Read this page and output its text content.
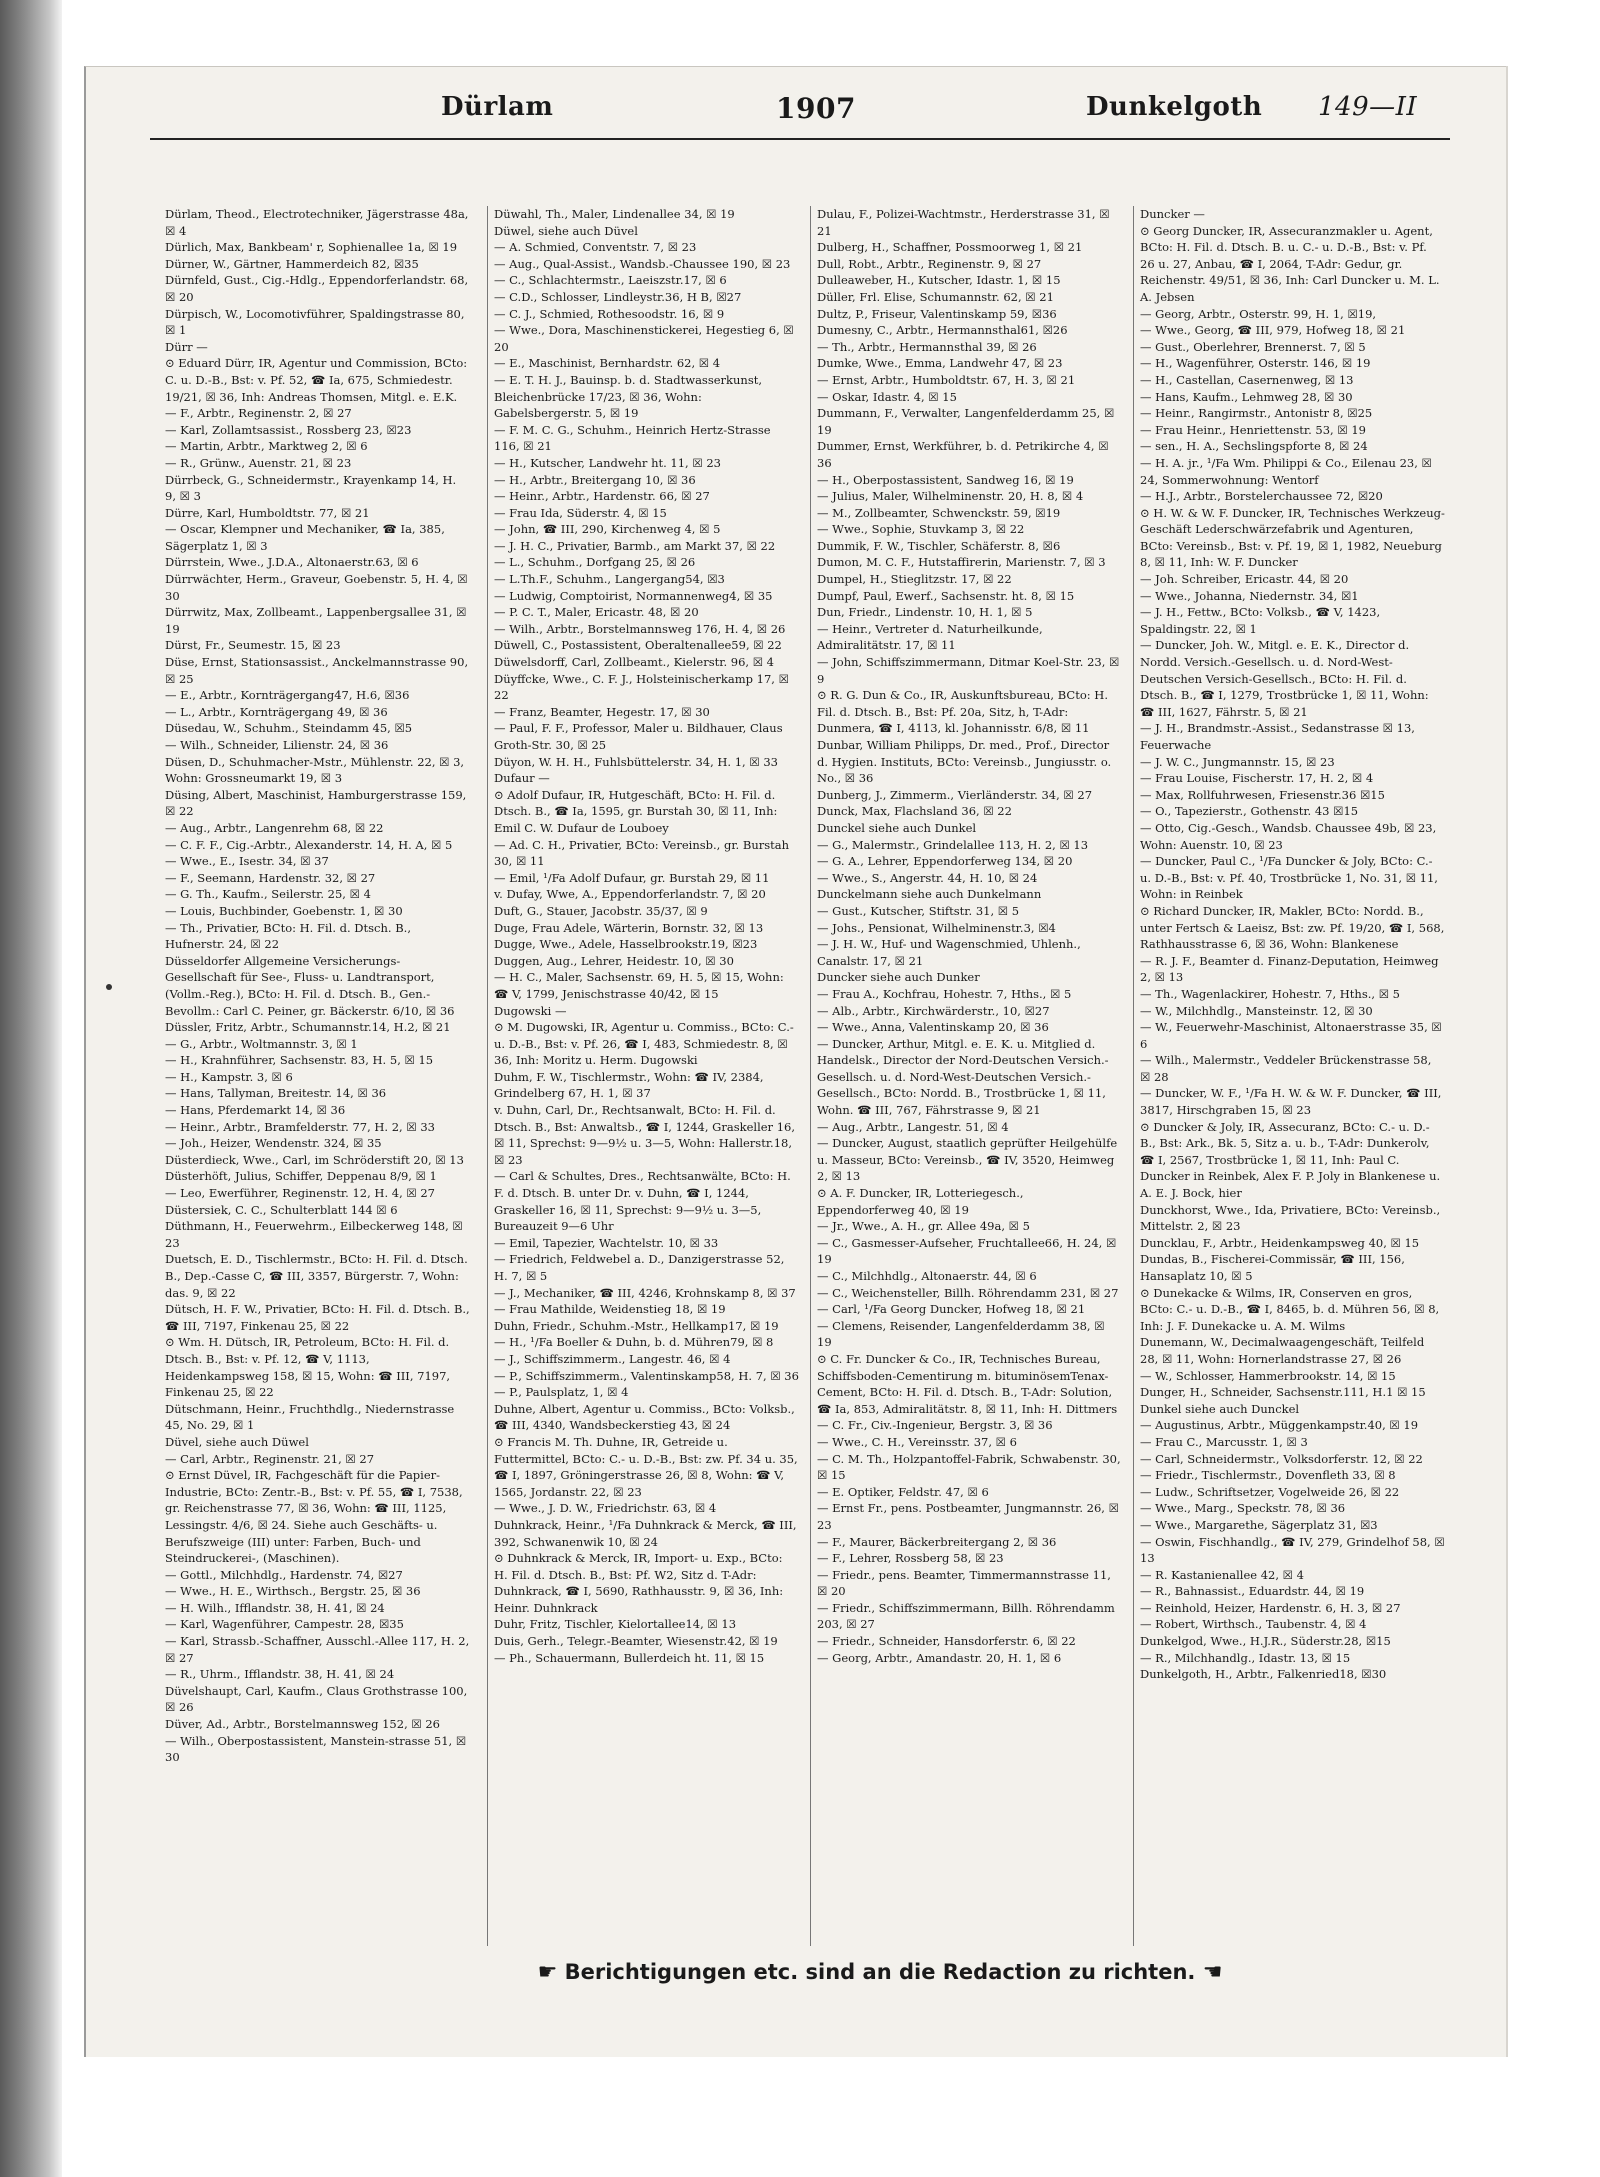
Dürlam	1907	Dunkelgoth 149—II
Dürlam, Theod., Electrotechniker, Jägerstrasse 48a, ☒ 4
Dürlich, Max, Bankbeam' r, Sophienallee 1a, ☒ 19
Dürner, W., Gärtner, Hammerdeich 82, ☒35
Dürnfeld, Gust., Cig.-Hdlg., Eppendorferlandstr. 68, ☒ 20
Dürpisch, W., Locomotivführer, Spaldingstrasse 80, ☒ 1
Dürr —
⊙ Eduard Dürr, IR, Agentur und Commission, BCto: C. u. D.-B., Bst: v. Pf. 52, ☎ Ia, 675, Schmiedestr. 19/21, ☒ 36, Inh: Andreas Thomsen, Mitgl. e. E.K.
— F., Arbtr., Reginenstr. 2, ☒ 27
— Karl, Zollamtsassist., Rossberg 23, ☒23
— Martin, Arbtr., Marktweg 2, ☒ 6
— R., Grünw., Auenstr. 21, ☒ 23
Dürrbeck, G., Schneidermstr., Krayenkamp 14, H. 9, ☒ 3
Dürre, Karl, Humboldtstr. 77, ☒ 21
— Oscar, Klempner und Mechaniker, ☎ Ia, 385, Sägerplatz 1, ☒ 3
Dürrstein, Wwe., J.D.A., Altonaerstr.63, ☒ 6
Dürrwächter, Herm., Graveur, Goebenstr. 5, H. 4, ☒ 30
Dürrwitz, Max, Zollbeamt., Lappenbergsallee 31, ☒ 19
Dürst, Fr., Seumestr. 15, ☒ 23
Düse, Ernst, Stationsassist., Anckelmannstrasse 90, ☒ 25
— E., Arbtr., Kornträgergang47, H.6, ☒36
— L., Arbtr., Kornträgergang 49, ☒ 36
Düsedau, W., Schuhm., Steindamm 45, ☒5
— Wilh., Schneider, Lilienstr. 24, ☒ 36
Düsen, D., Schuhmacher-Mstr., Mühlenstr. 22, ☒ 3, Wohn: Grossneumarkt 19, ☒ 3
Düsing, Albert, Maschinist, Hamburgerstrasse 159, ☒ 22
— Aug., Arbtr., Langenrehm 68, ☒ 22
— C. F. F., Cig.-Arbtr., Alexanderstr. 14, H. A, ☒ 5
— Wwe., E., Isestr. 34, ☒ 37
— F., Seemann, Hardenstr. 32, ☒ 27
— G. Th., Kaufm., Seilerstr. 25, ☒ 4
— Louis, Buchbinder, Goebenstr. 1, ☒ 30
— Th., Privatier, BCto: H. Fil. d. Dtsch. B., Hufnerstr. 24, ☒ 22
Düsseldorfer Allgemeine Versicherungs-Gesellschaft für See-, Fluss- u. Landtransport, (Vollm.-Reg.), BCto: H. Fil. d. Dtsch. B., Gen.-Bevollm.: Carl C. Peiner, gr. Bäckerstr. 6/10, ☒ 36
Düssler, Fritz, Arbtr., Schumannstr.14, H.2, ☒ 21
— G., Arbtr., Woltmannstr. 3, ☒ 1
— H., Krahnführer, Sachsenstr. 83, H. 5, ☒ 15
— H., Kampstr. 3, ☒ 6
— Hans, Tallyman, Breitestr. 14, ☒ 36
— Hans, Pferdemarkt 14, ☒ 36
— Heinr., Arbtr., Bramfelderstr. 77, H. 2, ☒ 33
— Joh., Heizer, Wendenstr. 324, ☒ 35
Düsterdieck, Wwe., Carl, im Schröderstift 20, ☒ 13
Düsterhöft, Julius, Schiffer, Deppenau 8/9, ☒ 1
— Leo, Ewerführer, Reginenstr. 12, H. 4, ☒ 27
Düstersiek, C. C., Schulterblatt 144 ☒ 6
Düthmann, H., Feuerwehrm., Eilbeckerweg 148, ☒ 23
Duetsch, E. D., Tischlermstr., BCto: H. Fil. d. Dtsch. B., Dep.-Casse C, ☎ III, 3357, Bürgerstr. 7, Wohn: das. 9, ☒ 22
Dütsch, H. F. W., Privatier, BCto: H. Fil. d. Dtsch. B., ☎ III, 7197, Finkenau 25, ☒ 22
⊙ Wm. H. Dütsch, IR, Petroleum, BCto: H. Fil. d. Dtsch. B., Bst: v. Pf. 12, ☎ V, 1113, Heidenkampsweg 158, ☒ 15, Wohn: ☎ III, 7197, Finkenau 25, ☒ 22
Dütschmann, Heinr., Fruchthdlg., Niedernstrasse 45, No. 29, ☒ 1
Düvel, siehe auch Düwel
— Carl, Arbtr., Reginenstr. 21, ☒ 27
⊙ Ernst Düvel, IR, Fachgeschäft für die Papier-Industrie, BCto: Zentr.-B., Bst: v. Pf. 55, ☎ I, 7538, gr. Reichenstrasse 77, ☒ 36, Wohn: ☎ III, 1125, Lessingstr. 4/6, ☒ 24. Siehe auch Geschäfts- u. Berufszweige (III) unter: Farben, Buch- und Steindruckerei-, (Maschinen).
— Gottl., Milchhdlg., Hardenstr. 74, ☒27
— Wwe., H. E., Wirthsch., Bergstr. 25, ☒ 36
— H. Wilh., Ifflandstr. 38, H. 41, ☒ 24
— Karl, Wagenführer, Campestr. 28, ☒35
— Karl, Strassb.-Schaffner, Ausschl.-Allee 117, H. 2, ☒ 27
— R., Uhrm., Ifflandstr. 38, H. 41, ☒ 24
Düvelshaupt, Carl, Kaufm., Claus Grothstrasse 100, ☒ 26
Düver, Ad., Arbtr., Borstelmannsweg 152, ☒ 26
— Wilh., Oberpostassistent, Manstein-strasse 51, ☒ 30
Düwahl, Th., Maler, Lindenallee 34, ☒ 19
Düwel, siehe auch Düvel
— A. Schmied, Conventstr. 7, ☒ 23
— Aug., Qual-Assist., Wandsb.-Chaussee 190, ☒ 23
— C., Schlachtermstr., Laeiszstr.17, ☒ 6
— C.D., Schlosser, Lindleystr.36, H B, ☒27
— C. J., Schmied, Rothesoodstr. 16, ☒ 9
— Wwe., Dora, Maschinenstickerei, Hegestieg 6, ☒ 20
— E., Maschinist, Bernhardstr. 62, ☒ 4
— E. T. H. J., Bauinsp. b. d. Stadtwasserkunst, Bleichenbrücke 17/23, ☒ 36, Wohn: Gabelsbergerstr. 5, ☒ 19
— F. M. C. G., Schuhm., Heinrich Hertz-Strasse 116, ☒ 21
— H., Kutscher, Landwehr ht. 11, ☒ 23
— H., Arbtr., Breitergang 10, ☒ 36
— Heinr., Arbtr., Hardenstr. 66, ☒ 27
— Frau Ida, Süderstr. 4, ☒ 15
— John, ☎ III, 290, Kirchenweg 4, ☒ 5
— J. H. C., Privatier, Barmb., am Markt 37, ☒ 22
— L., Schuhm., Dorfgang 25, ☒ 26
— L.Th.F., Schuhm., Langergang54, ☒3
— Ludwig, Comptoirist, Normannenweg4, ☒ 35
— P. C. T., Maler, Ericastr. 48, ☒ 20
— Wilh., Arbtr., Borstelmannsweg 176, H. 4, ☒ 26
Düwell, C., Postassistent, Oberaltenallee59, ☒ 22
Düwelsdorff, Carl, Zollbeamt., Kielerstr. 96, ☒ 4
Düyffcke, Wwe., C. F. J., Holsteinischerkamp 17, ☒ 22
— Franz, Beamter, Hegestr. 17, ☒ 30
— Paul, F. F., Professor, Maler u. Bildhauer, Claus Groth-Str. 30, ☒ 25
Düyon, W. H. H., Fuhlsbüttelerstr. 34, H. 1, ☒ 33
Dufaur —
⊙ Adolf Dufaur, IR, Hutgeschäft, BCto: H. Fil. d. Dtsch. B., ☎ Ia, 1595, gr. Burstah 30, ☒ 11, Inh: Emil C. W. Dufaur de Louboey
— Ad. C. H., Privatier, BCto: Vereinsb., gr. Burstah 30, ☒ 11
— Emil, ¹/Fa Adolf Dufaur, gr. Burstah 29, ☒ 11
v. Dufay, Wwe, A., Eppendorferlandstr. 7, ☒ 20
Duft, G., Stauer, Jacobstr. 35/37, ☒ 9
Duge, Frau Adele, Wärterin, Bornstr. 32, ☒ 13
Dugge, Wwe., Adele, Hasselbrookstr.19, ☒23
Duggen, Aug., Lehrer, Heidestr. 10, ☒ 30
— H. C., Maler, Sachsenstr. 69, H. 5, ☒ 15, Wohn: ☎ V, 1799, Jenischstrasse 40/42, ☒ 15
Dugowski —
⊙ M. Dugowski, IR, Agentur u. Commiss., BCto: C.-u. D.-B., Bst: v. Pf. 26, ☎ I, 483, Schmiedestr. 8, ☒ 36, Inh: Moritz u. Herm. Dugowski
Duhm, F. W., Tischlermstr., Wohn: ☎ IV, 2384, Grindelberg 67, H. 1, ☒ 37
v. Duhn, Carl, Dr., Rechtsanwalt, BCto: H. Fil. d. Dtsch. B., Bst: Anwaltsb., ☎ I, 1244, Graskeller 16, ☒ 11, Sprechst: 9—9½ u. 3—5, Wohn: Hallerstr.18, ☒ 23
— Carl & Schultes, Dres., Rechtsanwälte, BCto: H. F. d. Dtsch. B. unter Dr. v. Duhn, ☎ I, 1244, Graskeller 16, ☒ 11, Sprechst: 9—9½ u. 3—5, Bureauzeit 9—6 Uhr
— Emil, Tapezier, Wachtelstr. 10, ☒ 33
— Friedrich, Feldwebel a. D., Danzigerstrasse 52, H. 7, ☒ 5
— J., Mechaniker, ☎ III, 4246, Krohnskamp 8, ☒ 37
— Frau Mathilde, Weidenstieg 18, ☒ 19
Duhn, Friedr., Schuhm.-Mstr., Hellkamp17, ☒ 19
— H., ¹/Fa Boeller & Duhn, b. d. Mühren79, ☒ 8
— J., Schiffszimmerm., Langestr. 46, ☒ 4
— P., Schiffszimmerm., Valentinskamp58, H. 7, ☒ 36
— P., Paulsplatz, 1, ☒ 4
Duhne, Albert, Agentur u. Commiss., BCto: Volksb., ☎ III, 4340, Wandsbeckerstieg 43, ☒ 24
⊙ Francis M. Th. Duhne, IR, Getreide u. Futtermittel, BCto: C.- u. D.-B., Bst: zw. Pf. 34 u. 35, ☎ I, 1897, Gröningerstrasse 26, ☒ 8, Wohn: ☎ V, 1565, Jordanstr. 22, ☒ 23
— Wwe., J. D. W., Friedrichstr. 63, ☒ 4
Duhnkrack, Heinr., ¹/Fa Duhnkrack & Merck, ☎ III, 392, Schwanenwik 10, ☒ 24
⊙ Duhnkrack & Merck, IR, Import- u. Exp., BCto: H. Fil. d. Dtsch. B., Bst: Pf. W2, Sitz d. T-Adr: Duhnkrack, ☎ I, 5690, Rathhausstr. 9, ☒ 36, Inh: Heinr. Duhnkrack
Duhr, Fritz, Tischler, Kielortallee14, ☒ 13
Duis, Gerh., Telegr.-Beamter, Wiesenstr.42, ☒ 19
— Ph., Schauermann, Bullerdeich ht. 11, ☒ 15
Dulau, F., Polizei-Wachtmstr., Herderstrasse 31, ☒ 21
Dulberg, H., Schaffner, Possmoorweg 1, ☒ 21
Dull, Robt., Arbtr., Reginenstr. 9, ☒ 27
Dulleaweber, H., Kutscher, Idastr. 1, ☒ 15
Düller, Frl. Elise, Schumannstr. 62, ☒ 21
Dultz, P., Friseur, Valentinskamp 59, ☒36
Dumesny, C., Arbtr., Hermannsthal61, ☒26
— Th., Arbtr., Hermannsthal 39, ☒ 26
Dumke, Wwe., Emma, Landwehr 47, ☒ 23
— Ernst, Arbtr., Humboldtstr. 67, H. 3, ☒ 21
— Oskar, Idastr. 4, ☒ 15
Dummann, F., Verwalter, Langenfelderdamm 25, ☒ 19
Dummer, Ernst, Werkführer, b. d. Petrikirche 4, ☒ 36
— H., Oberpostassistent, Sandweg 16, ☒ 19
— Julius, Maler, Wilhelminenstr. 20, H. 8, ☒ 4
— M., Zollbeamter, Schwenckstr. 59, ☒19
— Wwe., Sophie, Stuvkamp 3, ☒ 22
Dummik, F. W., Tischler, Schäferstr. 8, ☒6
Dumon, M. C. F., Hutstaffirerin, Marienstr. 7, ☒ 3
Dumpel, H., Stieglitzstr. 17, ☒ 22
Dumpf, Paul, Ewerf., Sachsenstr. ht. 8, ☒ 15
Dun, Friedr., Lindenstr. 10, H. 1, ☒ 5
— Heinr., Vertreter d. Naturheilkunde, Admiralitätstr. 17, ☒ 11
— John, Schiffszimmermann, Ditmar Koel-Str. 23, ☒ 9
⊙ R. G. Dun & Co., IR, Auskunftsbureau, BCto: H. Fil. d. Dtsch. B., Bst: Pf. 20a, Sitz, h, T-Adr: Dunmera, ☎ I, 4113, kl. Johannisstr. 6/8, ☒ 11
Dunbar, William Philipps, Dr. med., Prof., Director d. Hygien. Instituts, BCto: Vereinsb., Jungiusstr. o. No., ☒ 36
Dunberg, J., Zimmerm., Vierländerstr. 34, ☒ 27
Dunck, Max, Flachsland 36, ☒ 22
Dunckel siehe auch Dunkel
— G., Malermstr., Grindelallee 113, H. 2, ☒ 13
— G. A., Lehrer, Eppendorferweg 134, ☒ 20
— Wwe., S., Angerstr. 44, H. 10, ☒ 24
Dunckelmann siehe auch Dunkelmann
— Gust., Kutscher, Stiftstr. 31, ☒ 5
— Johs., Pensionat, Wilhelminenstr.3, ☒4
— J. H. W., Huf- und Wagenschmied, Uhlenh., Canalstr. 17, ☒ 21
Duncker siehe auch Dunker
— Frau A., Kochfrau, Hohestr. 7, Hths., ☒ 5
— Alb., Arbtr., Kirchwärderstr., 10, ☒27
— Wwe., Anna, Valentinskamp 20, ☒ 36
— Duncker, Arthur, Mitgl. e. E. K. u. Mitglied d. Handelsk., Director der Nord-Deutschen Versich.-Gesellsch. u. d. Nord-West-Deutschen Versich.-Gesellsch., BCto: Nordd. B., Trostbrücke 1, ☒ 11, Wohn. ☎ III, 767, Fährstrasse 9, ☒ 21
— Aug., Arbtr., Langestr. 51, ☒ 4
— Duncker, August, staatlich geprüfter Heilgehülfe u. Masseur, BCto: Vereinsb., ☎ IV, 3520, Heimweg 2, ☒ 13
⊙ A. F. Duncker, IR, Lotteriegesch., Eppendorferweg 40, ☒ 19
— Jr., Wwe., A. H., gr. Allee 49a, ☒ 5
— C., Gasmesser-Aufseher, Fruchtallee66, H. 24, ☒ 19
— C., Milchhdlg., Altonaerstr. 44, ☒ 6
— C., Weichensteller, Billh. Röhrendamm 231, ☒ 27
— Carl, ¹/Fa Georg Duncker, Hofweg 18, ☒ 21
— Clemens, Reisender, Langenfelderdamm 38, ☒ 19
⊙ C. Fr. Duncker & Co., IR, Technisches Bureau, Schiffsboden-Cementirung m. bituminösemTenax-Cement, BCto: H. Fil. d. Dtsch. B., T-Adr: Solution, ☎ Ia, 853, Admiralitätstr. 8, ☒ 11, Inh: H. Dittmers
— C. Fr., Civ.-Ingenieur, Bergstr. 3, ☒ 36
— Wwe., C. H., Vereinsstr. 37, ☒ 6
— C. M. Th., Holzpantoffel-Fabrik, Schwabenstr. 30, ☒ 15
— E. Optiker, Feldstr. 47, ☒ 6
— Ernst Fr., pens. Postbeamter, Jungmannstr. 26, ☒ 23
— F., Maurer, Bäckerbreitergang 2, ☒ 36
— F., Lehrer, Rossberg 58, ☒ 23
— Friedr., pens. Beamter, Timmermannstrasse 11, ☒ 20
— Friedr., Schiffszimmermann, Billh. Röhrendamm 203, ☒ 27
— Friedr., Schneider, Hansdorferstr. 6, ☒ 22
— Georg, Arbtr., Amandastr. 20, H. 1, ☒ 6
Duncker —
⊙ Georg Duncker, IR, Assecuranzmakler u. Agent, BCto: H. Fil. d. Dtsch. B. u. C.- u. D.-B., Bst: v. Pf. 26 u. 27, Anbau, ☎ I, 2064, T-Adr: Gedur, gr. Reichenstr. 49/51, ☒ 36, Inh: Carl Duncker u. M. L. A. Jebsen
— Georg, Arbtr., Osterstr. 99, H. 1, ☒19,
— Wwe., Georg, ☎ III, 979, Hofweg 18, ☒ 21
— Gust., Oberlehrer, Brennerst. 7, ☒ 5
— H., Wagenführer, Osterstr. 146, ☒ 19
— H., Castellan, Casernenweg, ☒ 13
— Hans, Kaufm., Lehmweg 28, ☒ 30
— Heinr., Rangirmstr., Antonistr 8, ☒25
— Frau Heinr., Henriettenstr. 53, ☒ 19
— sen., H. A., Sechslingspforte 8, ☒ 24
— H. A. jr., ¹/Fa Wm. Philippi & Co., Eilenau 23, ☒ 24, Sommerwohnung: Wentorf
— H.J., Arbtr., Borstelerchaussee 72, ☒20
⊙ H. W. & W. F. Duncker, IR, Technisches Werkzeug-Geschäft Lederschwärzefabrik und Agenturen, BCto: Vereinsb., Bst: v. Pf. 19, ☒ 1, 1982, Neueburg 8, ☒ 11, Inh: W. F. Duncker
— Joh. Schreiber, Ericastr. 44, ☒ 20
— Wwe., Johanna, Niedernstr. 34, ☒1
— J. H., Fettw., BCto: Volksb., ☎ V, 1423, Spaldingstr. 22, ☒ 1
— Duncker, Joh. W., Mitgl. e. E. K., Director d. Nordd. Versich.-Gesellsch. u. d. Nord-West-Deutschen Versich-Gesellsch., BCto: H. Fil. d. Dtsch. B., ☎ I, 1279, Trostbrücke 1, ☒ 11, Wohn: ☎ III, 1627, Fährstr. 5, ☒ 21
— J. H., Brandmstr.-Assist., Sedanstrasse ☒ 13, Feuerwache
— J. W. C., Jungmannstr. 15, ☒ 23
— Frau Louise, Fischerstr. 17, H. 2, ☒ 4
— Max, Rollfuhrwesen, Friesenstr.36 ☒15
— O., Tapezierstr., Gothenstr. 43 ☒15
— Otto, Cig.-Gesch., Wandsb. Chaussee 49b, ☒ 23, Wohn: Auenstr. 10, ☒ 23
— Duncker, Paul C., ¹/Fa Duncker & Joly, BCto: C.- u. D.-B., Bst: v. Pf. 40, Trostbrücke 1, No. 31, ☒ 11, Wohn: in Reinbek
⊙ Richard Duncker, IR, Makler, BCto: Nordd. B., unter Fertsch & Laeisz, Bst: zw. Pf. 19/20, ☎ I, 568, Rathhausstrasse 6, ☒ 36, Wohn: Blankenese
— R. J. F., Beamter d. Finanz-Deputation, Heimweg 2, ☒ 13
— Th., Wagenlackirer, Hohestr. 7, Hths., ☒ 5
— W., Milchhdlg., Mansteinstr. 12, ☒ 30
— W., Feuerwehr-Maschinist, Altonaerstrasse 35, ☒ 6
— Wilh., Malermstr., Veddeler Brückenstrasse 58, ☒ 28
— Duncker, W. F., ¹/Fa H. W. & W. F. Duncker, ☎ III, 3817, Hirschgraben 15, ☒ 23
⊙ Duncker & Joly, IR, Assecuranz, BCto: C.- u. D.-B., Bst: Ark., Bk. 5, Sitz a. u. b., T-Adr: Dunkerolv, ☎ I, 2567, Trostbrücke 1, ☒ 11, Inh: Paul C. Duncker in Reinbek, Alex F. P. Joly in Blankenese u. A. E. J. Bock, hier
Dunckhorst, Wwe., Ida, Privatiere, BCto: Vereinsb., Mittelstr. 2, ☒ 23
Duncklau, F., Arbtr., Heidenkampsweg 40, ☒ 15
Dundas, B., Fischerei-Commissär, ☎ III, 156, Hansaplatz 10, ☒ 5
⊙ Dunekacke & Wilms, IR, Conserven en gros, BCto: C.- u. D.-B., ☎ I, 8465, b. d. Mühren 56, ☒ 8, Inh: J. F. Dunekacke u. A. M. Wilms
Dunemann, W., Decimalwaagengeschäft, Teilfeld 28, ☒ 11, Wohn: Hornerlandstrasse 27, ☒ 26
— W., Schlosser, Hammerbrookstr. 14, ☒ 15
Dunger, H., Schneider, Sachsenstr.111, H.1 ☒ 15
Dunkel siehe auch Dunckel
— Augustinus, Arbtr., Müggenkampstr.40, ☒ 19
— Frau C., Marcusstr. 1, ☒ 3
— Carl, Schneidermstr., Volksdorferstr. 12, ☒ 22
— Friedr., Tischlermstr., Dovenfleth 33, ☒ 8
— Ludw., Schriftsetzer, Vogelweide 26, ☒ 22
— Wwe., Marg., Speckstr. 78, ☒ 36
— Wwe., Margarethe, Sägerplatz 31, ☒3
— Oswin, Fischhandlg., ☎ IV, 279, Grindelhof 58, ☒ 13
— R. Kastanienallee 42, ☒ 4
— R., Bahnassist., Eduardstr. 44, ☒ 19
— Reinhold, Heizer, Hardenstr. 6, H. 3, ☒ 27
— Robert, Wirthsch., Taubenstr. 4, ☒ 4
Dunkelgod, Wwe., H.J.R., Süderstr.28, ☒15
— R., Milchhandlg., Idastr. 13, ☒ 15
Dunkelgoth, H., Arbtr., Falkenried18, ☒30
☛ Berichtigungen etc. sind an die Redaction zu richten. ☚
